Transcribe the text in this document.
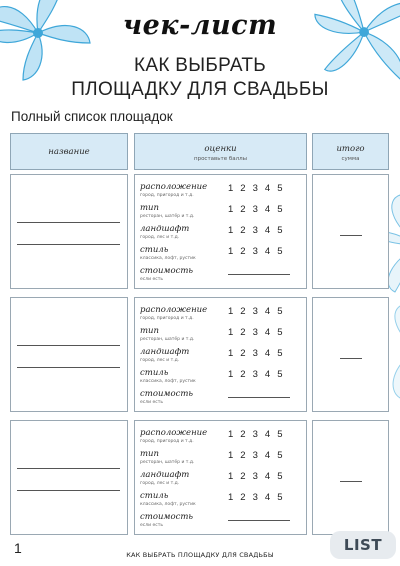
чек-лист
КАК ВЫБРАТЬ
ПЛОЩАДКУ ДЛЯ СВАДЬБЫ
Полный список площадок
название	оценки
проставьте баллы
итого
сумма
расположение
город, пригород и т.д.
1 2 3 4 5
тип
ресторан, шатёр и т.д.
1 2 3 4 5
ландшафт
город, лес и т.д.
1 2 3 4 5
стиль
классика, лофт, рустик
1 2 3 4 5
стоимость
если есть
расположение
город, пригород и т.д.
1 2 3 4 5
тип
ресторан, шатёр и т.д.
1 2 3 4 5
ландшафт
город, лес и т.д.
1 2 3 4 5
стиль
классика, лофт, рустик
1 2 3 4 5
стоимость
если есть
расположение
город, пригород и т.д.
1 2 3 4 5
тип
ресторан, шатёр и т.д.
1 2 3 4 5
ландшафт
город, лес и т.д.
1 2 3 4 5
стиль
классика, лофт, рустик
1 2 3 4 5
стоимость
если есть
1	КАК ВЫБРАТЬ ПЛОЩАДКУ ДЛЯ СВАДЬБЫ
LIST
